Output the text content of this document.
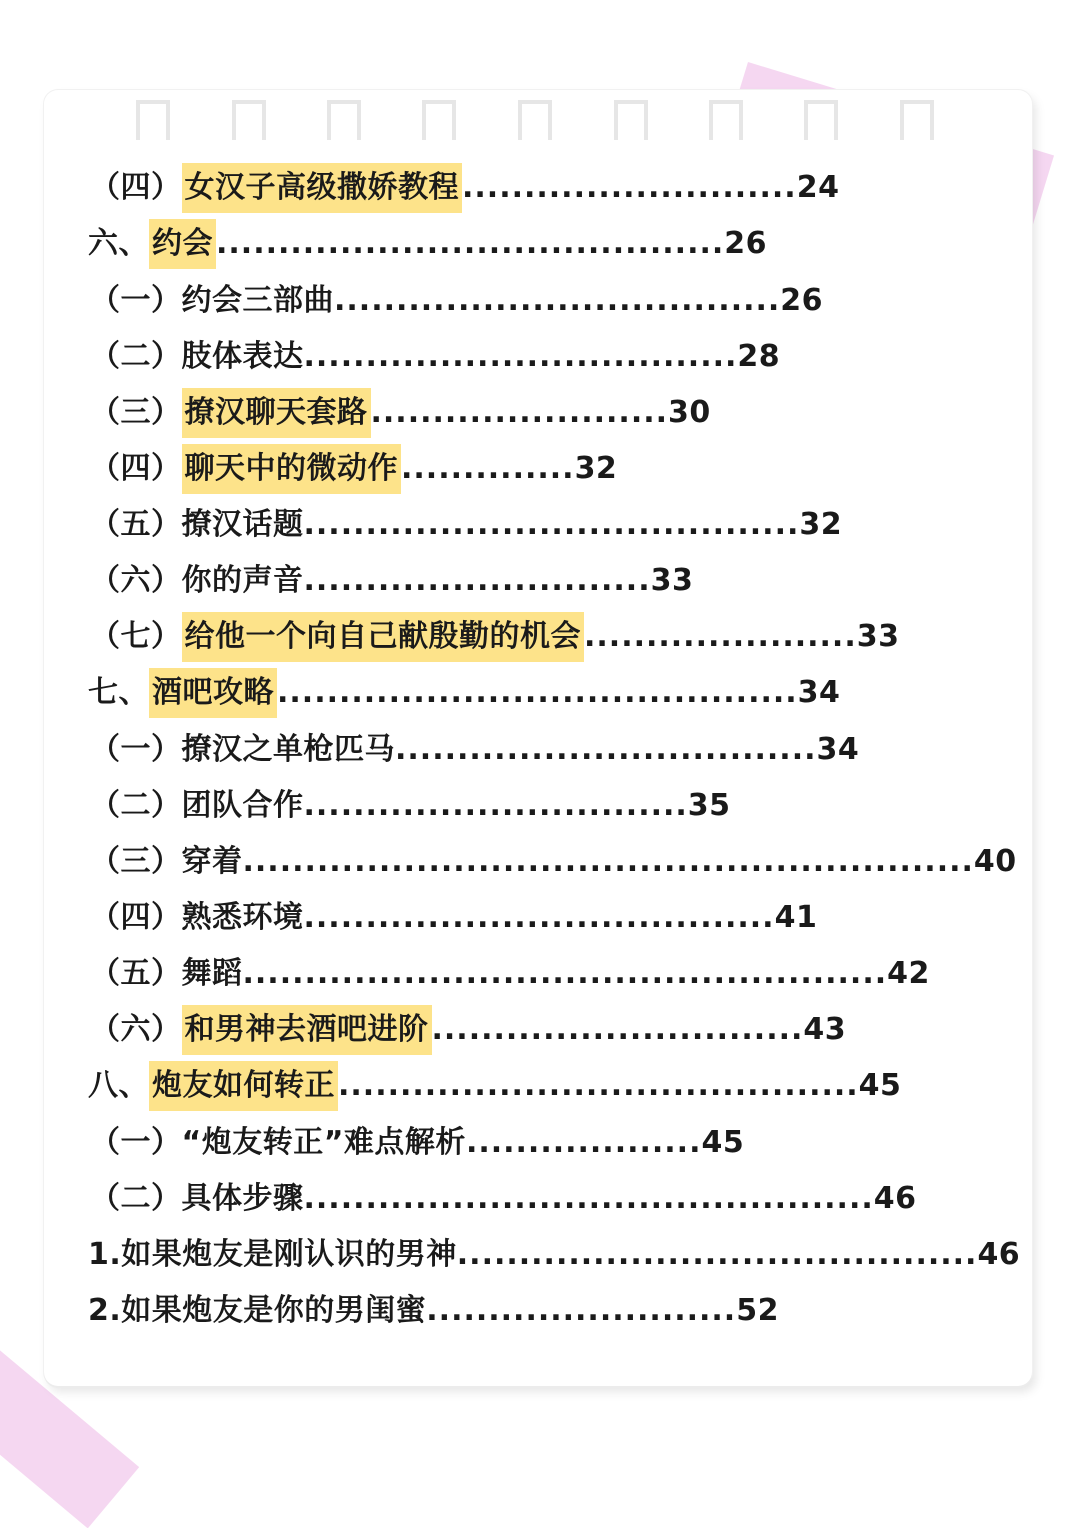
（四） 女汉子高级撒娇教程 ...........................24
六、 约会.........................................26
（一）约会三部曲....................................26
（二）肢体表达...................................28
（三） 撩汉聊天套路 ........................30
（四） 聊天中的微动作 ..............32
（五）撩汉话题........................................32
（六）你的声音............................33
（七） 给他一个向自己献殷勤的机会 ......................33
七、 酒吧攻略..........................................34
（一）撩汉之单枪匹马..................................34
（二）团队合作...............................35
（三）穿着...........................................................40
（四）熟悉环境......................................41
（五）舞蹈....................................................42
（六） 和男神去酒吧进阶 ..............................43
八、 炮友如何转正..........................................45
（一）“炮友转正”难点解析...................45
（二）具体步骤..............................................46
1.如果炮友是刚认识的男神..........................................46
2.如果炮友是你的男闺蜜.........................52
